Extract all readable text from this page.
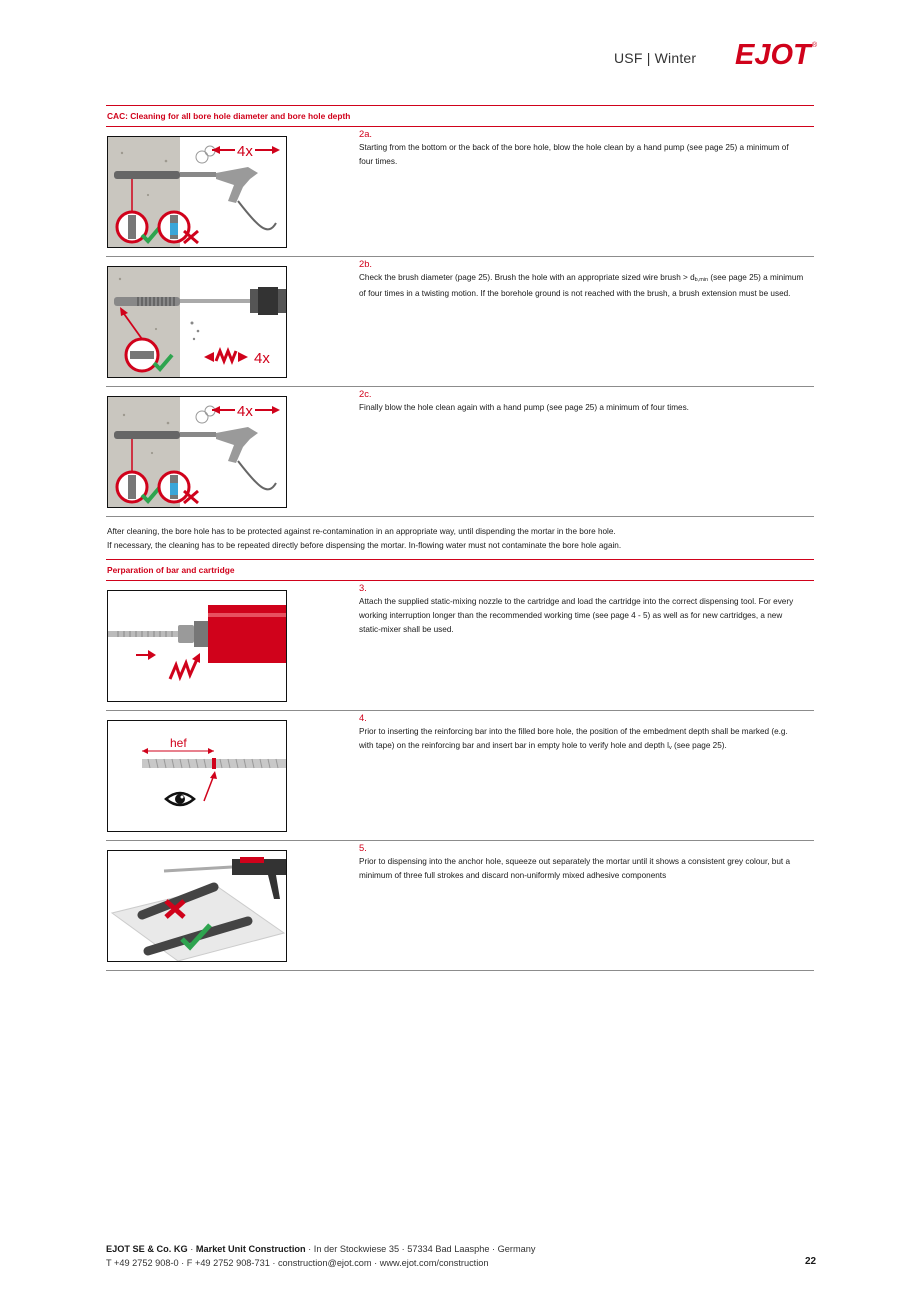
USF | Winter EJOT ®
CAC: Cleaning for all bore hole diameter and bore hole depth
4x
2a.
Starting from the bottom or the back of the bore hole, blow the hole clean by a hand pump (see page 25) a minimum of four times.
4x
2b.
Check the brush diameter (page 25). Brush the hole with an appropriate sized wire brush > $d_{b,min}$ (see page 25) a minimum of four times in a twisting motion. If the borehole ground is not reached with the brush, a brush extension must be used.
4x
2c.
Finally blow the hole clean again with a hand pump (see page 25) a minimum of four times.
After cleaning, the bore hole has to be protected against re-contamination in an appropriate way, until dispending the mortar in the bore hole.
If necessary, the cleaning has to be repeated directly before dispensing the mortar. In-flowing water must not contaminate the bore hole again.
Perparation of bar and cartridge
3.
Attach the supplied static-mixing nozzle to the cartridge and load the cartridge into the correct dispensing tool. For every working interruption longer than the recommended working time (see page 4 - 5) as well as for new cartridges, a new static-mixer shall be used.
hef
4.
Prior to inserting the reinforcing bar into the filled bore hole, the position of the embedment depth shall be marked (e.g. with tape) on the reinforcing bar and insert bar in empty hole to verify hole and depth $l_v$ (see page 25).
5.
Prior to dispensing into the anchor hole, squeeze out separately the mortar until it shows a consistent grey colour, but a minimum of three full strokes and discard non-uniformly mixed adhesive components
EJOT SE & Co. KG · Market Unit Construction · In der Stockwiese 35 · 57334 Bad Laasphe · Germany
T +49 2752 908-0 · F +49 2752 908-731 · construction@ejot.com · www.ejot.com/construction	22
